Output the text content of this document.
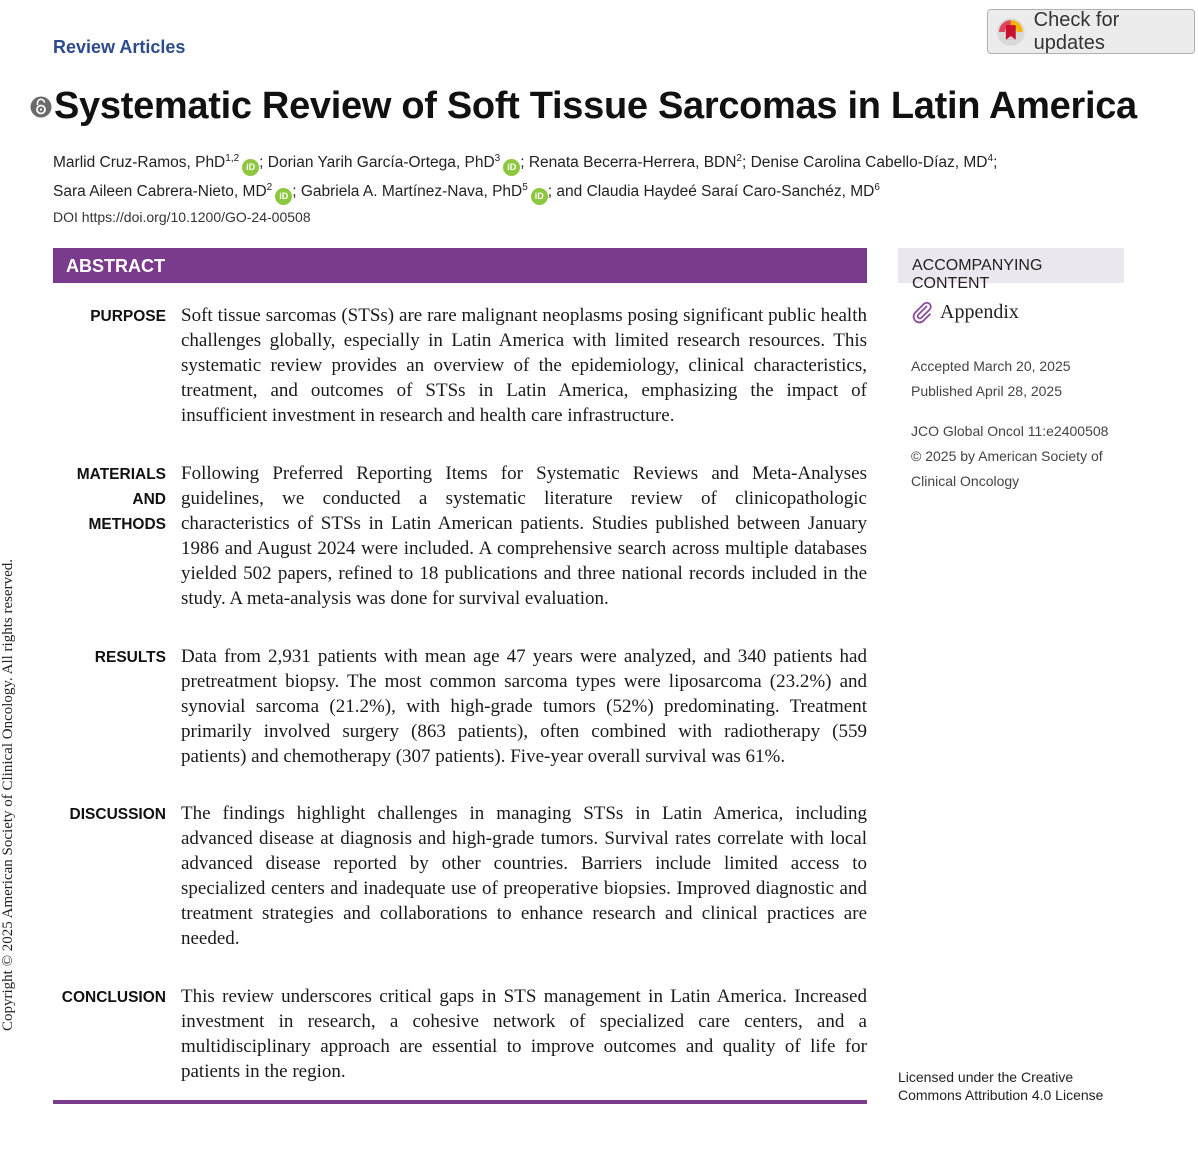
Copyright © 2025 American Society of Clinical Oncology. All rights reserved.
Review Articles
Check for updates
Systematic Review of Soft Tissue Sarcomas in Latin America
Marlid Cruz-Ramos, PhD$^{1,2}$iD ; Dorian Yarih García-Ortega, PhD$^3$iD ; Renata Becerra-Herrera, BDN$^2$; Denise Carolina Cabello-Díaz, $MD^4$;
Sara Aileen Cabrera-Nieto, $MD^2iD$ ; Gabriela A. Martínez-Nava, PhD$^5$iD ; and Claudia Haydeé Saraí Caro-Sanchéz, $MD^6$
DOI https://doi.org/10.1200/GO-24-00508
ABSTRACT
PURPOSE Soft tissue sarcomas (STSs) are rare malignant neoplasms posing significant public health challenges globally, especially in Latin America with limited research resources. This systematic review provides an overview of the epidemiology, clinical characteristics, treatment, and outcomes of STSs in Latin America, emphasizing the impact of insufficient investment in research and health care infrastructure.
MATERIALS
AND METHODS
Following Preferred Reporting Items for Systematic Reviews and Meta-Analyses guidelines, we conducted a systematic literature review of clinicopathologic characteristics of STSs in Latin American patients. Studies published between January 1986 and August 2024 were included. A comprehensive search across multiple databases yielded 502 papers, refined to 18 publications and three national records included in the study. A meta-analysis was done for survival evaluation.
RESULTS Data from 2,931 patients with mean age 47 years were analyzed, and 340 patients had pretreatment biopsy. The most common sarcoma types were liposarcoma (23.2%) and synovial sarcoma (21.2%), with high-grade tumors (52%) predominating. Treatment primarily involved surgery (863 patients), often combined with radiotherapy (559 patients) and chemotherapy (307 patients). Five-year overall survival was 61%.
DISCUSSION The findings highlight challenges in managing STSs in Latin America, including advanced disease at diagnosis and high-grade tumors. Survival rates correlate with local advanced disease reported by other countries. Barriers include limited access to specialized centers and inadequate use of preoperative biopsies. Improved diagnostic and treatment strategies and collaborations to enhance research and clinical practices are needed.
CONCLUSION This review underscores critical gaps in STS management in Latin America. Increased investment in research, a cohesive network of specialized care centers, and a multidisciplinary approach are essential to improve outcomes and quality of life for patients in the region.
ACCOMPANYING CONTENT
Appendix
Accepted March 20, 2025
Published April 28, 2025
JCO Global Oncol 11:e2400508
© 2025 by American Society of
Clinical Oncology
Licensed under the Creative
Commons Attribution 4.0 License
